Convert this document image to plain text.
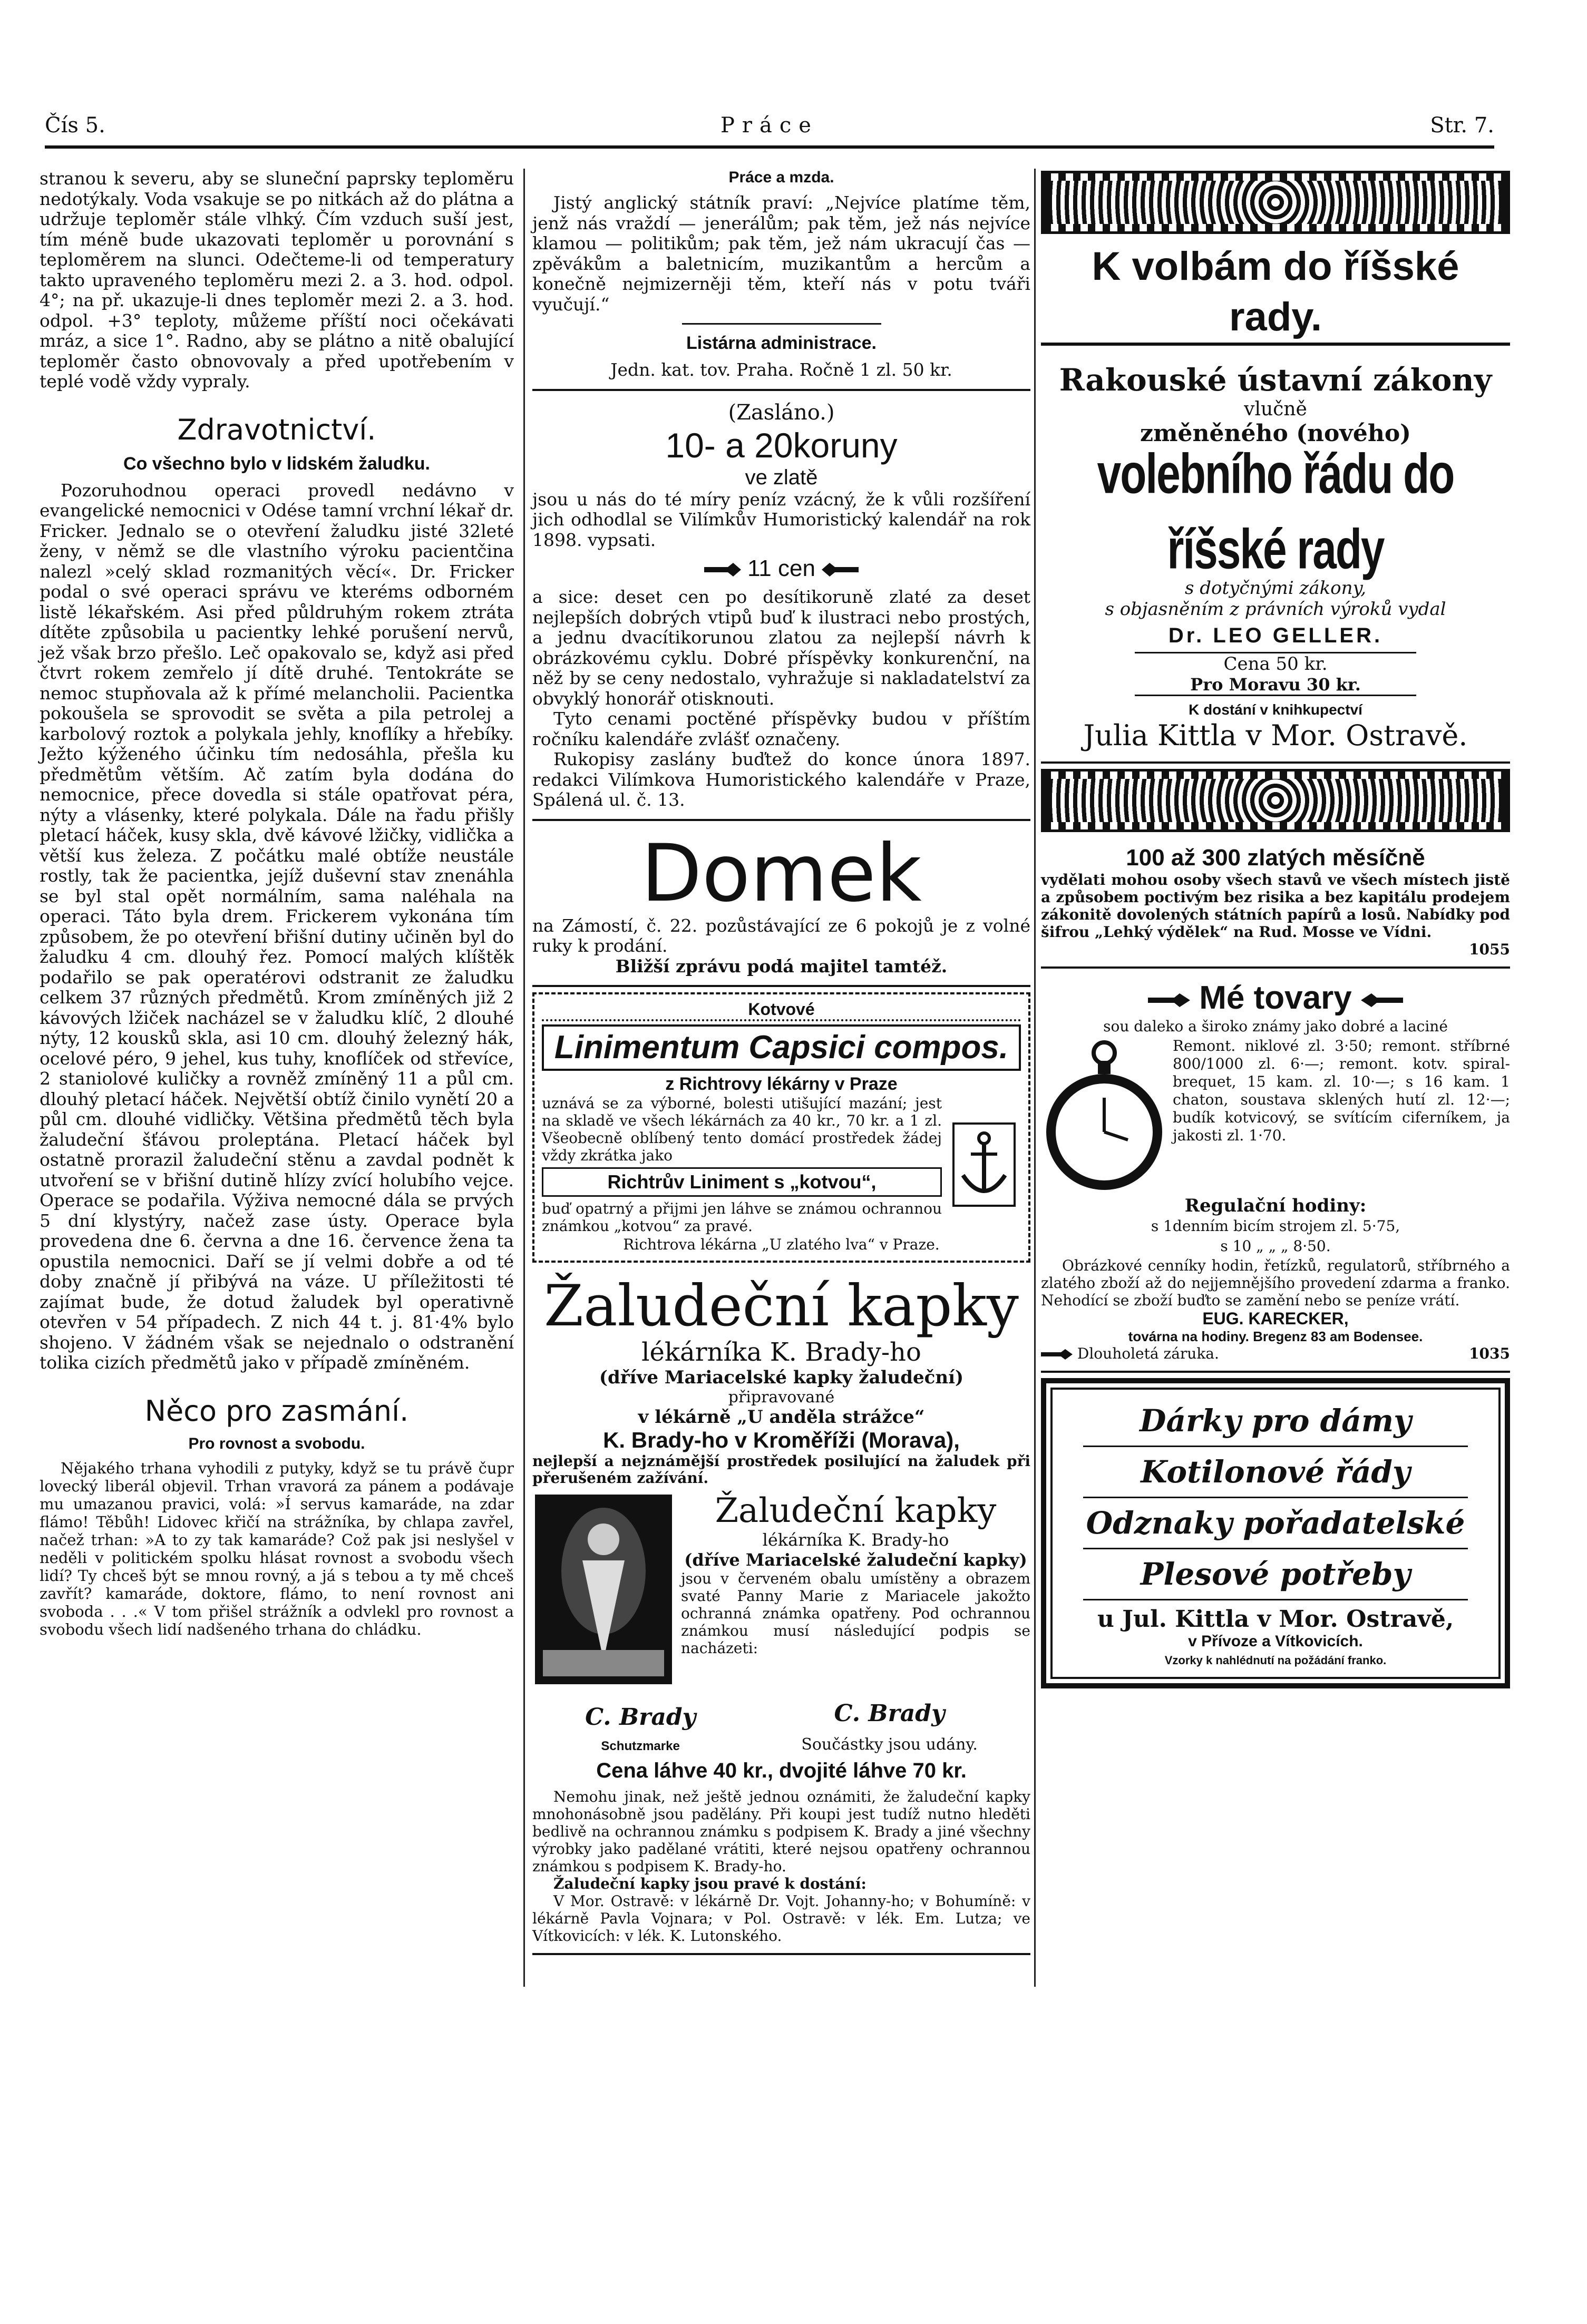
Čís 5.	Práce	Str. 7.

stranou k severu, aby se sluneční paprsky teploměru nedotýkaly. Voda vsakuje se po nitkách až do plátna a udržuje teploměr stále vlhký. Čím vzduch suší jest, tím méně bude ukazovati teploměr u porovnání s teploměrem na slunci. Odečteme-li od temperatury takto upraveného teploměru mezi 2. a 3. hod. odpol. 4°; na př. ukazuje-li dnes teploměr mezi 2. a 3. hod. odpol. +3° teploty, můžeme příští noci očekávati mráz, a sice 1°. Radno, aby se plátno a nitě obalující teploměr často obnovovaly a před upotřebením v teplé vodě vždy vypraly.

Zdravotnictví.
Co všechno bylo v lidském žaludku.

Pozoruhodnou operaci provedl nedávno v evangelické nemocnici v Odése tamní vrchní lékař dr. Fricker. Jednalo se o otevření žaludku jisté 32leté ženy, v němž se dle vlastního výroku pacientčina nalezl »celý sklad rozmanitých věcí«. Dr. Fricker podal o své operaci správu ve kteréms odborném listě lékařském. Asi před půldruhým rokem ztráta dítěte způsobila u pacientky lehké porušení nervů, jež však brzo přešlo. Leč opakovalo se, když asi před čtvrt rokem zemřelo jí dítě druhé. Tentokráte se nemoc stupňovala až k přímé melancholii. Pacientka pokoušela se sprovodit se světa a pila petrolej a karbolový roztok a polykala jehly, knoflíky a hřebíky. Ježto kýženého účinku tím nedosáhla, přešla ku předmětům větším. Ač zatím byla dodána do nemocnice, přece dovedla si stále opatřovat péra, nýty a vlásenky, které polykala. Dále na řadu přišly pletací háček, kusy skla, dvě kávové lžičky, vidlička a větší kus železa. Z počátku malé obtíže neustále rostly, tak že pacientka, jejíž duševní stav znenáhla se byl stal opět normálním, sama naléhala na operaci. Táto byla drem. Frickerem vykonána tím způsobem, že po otevření břišní dutiny učiněn byl do žaludku 4 cm. dlouhý řez. Pomocí malých klíštěk podařilo se pak operatérovi odstranit ze žaludku celkem 37 různých předmětů. Krom zmíněných již 2 kávových lžiček nacházel se v žaludku klíč, 2 dlouhé nýty, 12 kousků skla, asi 10 cm. dlouhý železný hák, ocelové péro, 9 jehel, kus tuhy, knoflíček od střevíce, 2 staniolové kuličky a rovněž zmíněný 11 a půl cm. dlouhý pletací háček. Největší obtíž činilo vynětí 20 a půl cm. dlouhé vidličky. Většina předmětů těch byla žaludeční šťávou proleptána. Pletací háček byl ostatně prorazil žaludeční stěnu a zavdal podnět k utvoření se v břišní dutině hlízy zvící holubího vejce. Operace se podařila. Výživa nemocné dála se prvých 5 dní klystýry, načež zase ústy. Operace byla provedena dne 6. června a dne 16. července žena ta opustila nemocnici. Daří se jí velmi dobře a od té doby značně jí přibývá na váze. U příležitosti té zajímat bude, že dotud žaludek byl operativně otevřen v 54 případech. Z nich 44 t. j. 81·4% bylo shojeno. V žádném však se nejednalo o odstranění tolika cizích předmětů jako v případě zmíněném.

Něco pro zasmání.
Pro rovnost a svobodu.

Nějakého trhana vyhodili z putyky, když se tu právě čupr lovecký liberál objevil. Trhan vravorá za pánem a podávaje mu umazanou pravici, volá: »Í servus kamaráde, na zdar flámo! Těbůh! Lidovec křičí na strážníka, by chlapa zavřel, načež trhan: »A to zy tak kamaráde? Což pak jsi neslyšel v neděli v politickém spolku hlásat rovnost a svobodu všech lidí? Ty chceš být se mnou rovný, a já s tebou a ty mě chceš zavřít? kamaráde, doktore, flámo, to není rovnost ani svoboda . . .« V tom přišel strážník a odvlekl pro rovnost a svobodu všech lidí nadšeného trhana do chládku.

Práce a mzda.

Jistý anglický státník praví: „Nejvíce platíme těm, jenž nás vraždí — jenerálům; pak těm, jež nás nejvíce klamou — politikům; pak těm, jež nám ukracují čas — zpěvákům a baletnicím, muzikantům a hercům a konečně nejmizerněji těm, kteří nás v potu tváři vyučují.“

Listárna administrace.

Jedn. kat. tov. Praha. Ročně 1 zl. 50 kr.

(Zasláno.)
10- a 20koruny
ve zlatě

jsou u nás do té míry peníz vzácný, že k vůli rozšíření jich odhodlal se Vilímkův Humoristický kalendář na rok 1898. vypsati.

11 cen

a sice: deset cen po desítikoruně zlaté za deset nejlepších dobrých vtipů buď k ilustraci nebo prostých, a jednu dvacítikorunou zlatou za nejlepší návrh k obrázkovému cyklu. Dobré příspěvky konkurenční, na něž by se ceny nedostalo, vyhražuje si nakladatelství za obvyklý honorář otisknouti.

Tyto cenami poctěné příspěvky budou v příštím ročníku kalendáře zvlášť označeny.

Rukopisy zaslány buďtež do konce února 1897. redakci Vilímkova Humoristického kalendáře v Praze, Spálená ul. č. 13.

Domek

na Zámostí, č. 22. pozůstávající ze 6 pokojů je z volné ruky k prodání.

Bližší zprávu podá majitel tamtéž.

Kotvové
Linimentum Capsici compos.
z Richtrovy lékárny v Praze

uznává se za výborné, bolesti utišující mazání; jest na skladě ve všech lékárnách za 40 kr., 70 kr. a 1 zl. Všeobecně oblíbený tento domácí prostředek žádej vždy zkrátka jako

Richtrův Liniment s „kotvou“,

buď opatrný a přijmi jen láhve se známou ochrannou známkou „kotvou“ za pravé.

Richtrova lékárna „U zlatého lva“ v Praze.

Žaludeční kapky
lékárníka K. Brady-ho
(dříve Mariacelské kapky žaludeční)
připravované
v lékárně „U anděla strážce“
K. Brady-ho v Kroměříži (Morava),

nejlepší a nejznámější prostředek posilující na žaludek při přerušeném zažívání.

Žaludeční kapky
lékárníka K. Brady-ho
(dříve Mariacelské žaludeční kapky)

jsou v červeném obalu umístěny a obrazem svaté Panny Marie z Mariacele jakožto ochranná známka opatřeny. Pod ochrannou známkou musí následující podpis se nacházeti:

C. Brady
Schutzmarke
C. Brady
Součástky jsou udány.
Cena láhve 40 kr., dvojité láhve 70 kr.

Nemohu jinak, než ještě jednou oznámiti, že žaludeční kapky mnohonásobně jsou padělány. Při koupi jest tudíž nutno hleděti bedlivě na ochrannou známku s podpisem K. Brady a jiné všechny výrobky jako padělané vrátiti, které nejsou opatřeny ochrannou známkou s podpisem K. Brady-ho.

Žaludeční kapky jsou pravé k dostání:

V Mor. Ostravě: v lékárně Dr. Vojt. Johanny-ho; v Bohumíně: v lékárně Pavla Vojnara; v Pol. Ostravě: v lék. Em. Lutza; ve Vítkovicích: v lék. K. Lutonského.

K volbám do říšské rady.
Rakouské ústavní zákony
vlučně
změněného (nového)
volebního řádu do říšské rady
s dotyčnými zákony,
s objasněním z právních výroků vydal
Dr. LEO GELLER.
Cena 50 kr.
Pro Moravu 30 kr.
K dostání v knihkupectví
Julia Kittla v Mor. Ostravě.
100 až 300 zlatých měsíčně

vydělati mohou osoby všech stavů ve všech místech jistě a způsobem poctivým bez risika a bez kapitálu prodejem zákonitě dovolených státních papírů a losů. Nabídky pod šifrou „Lehký výdělek“ na Rud. Mosse ve Vídni.

1055
Mé tovary

sou daleko a široko známy jako dobré a laciné

Remont. niklové zl. 3·50; remont. stříbrné 800/1000 zl. 6·—; remont. kotv. spiral-brequet, 15 kam. zl. 10·—; s 16 kam. 1 chaton, soustava sklených hutí zl. 12·—; budík kotvicový, se svítícím ciferníkem, ja jakosti zl. 1·70.

Regulační hodiny:

s 1denním bicím strojem zl. 5·75,

s 10 „ „ „ 8·50.

Obrázkové cenníky hodin, řetízků, regulatorů, stříbrného a zlatého zboží až do nejjemnějšího provedení zdarma a franko. Nehodící se zboží buďto se zamění nebo se peníze vrátí.

EUG. KARECKER,
továrna na hodiny. Bregenz 83 am Bodensee.
Dlouholetá záruka.	1035
Dárky pro dámy
Kotilonové řády
Odznaky pořadatelské
Plesové potřeby
u Jul. Kittla v Mor. Ostravě,
v Přívoze a Vítkovicích.
Vzorky k nahlédnutí na požádání franko.
